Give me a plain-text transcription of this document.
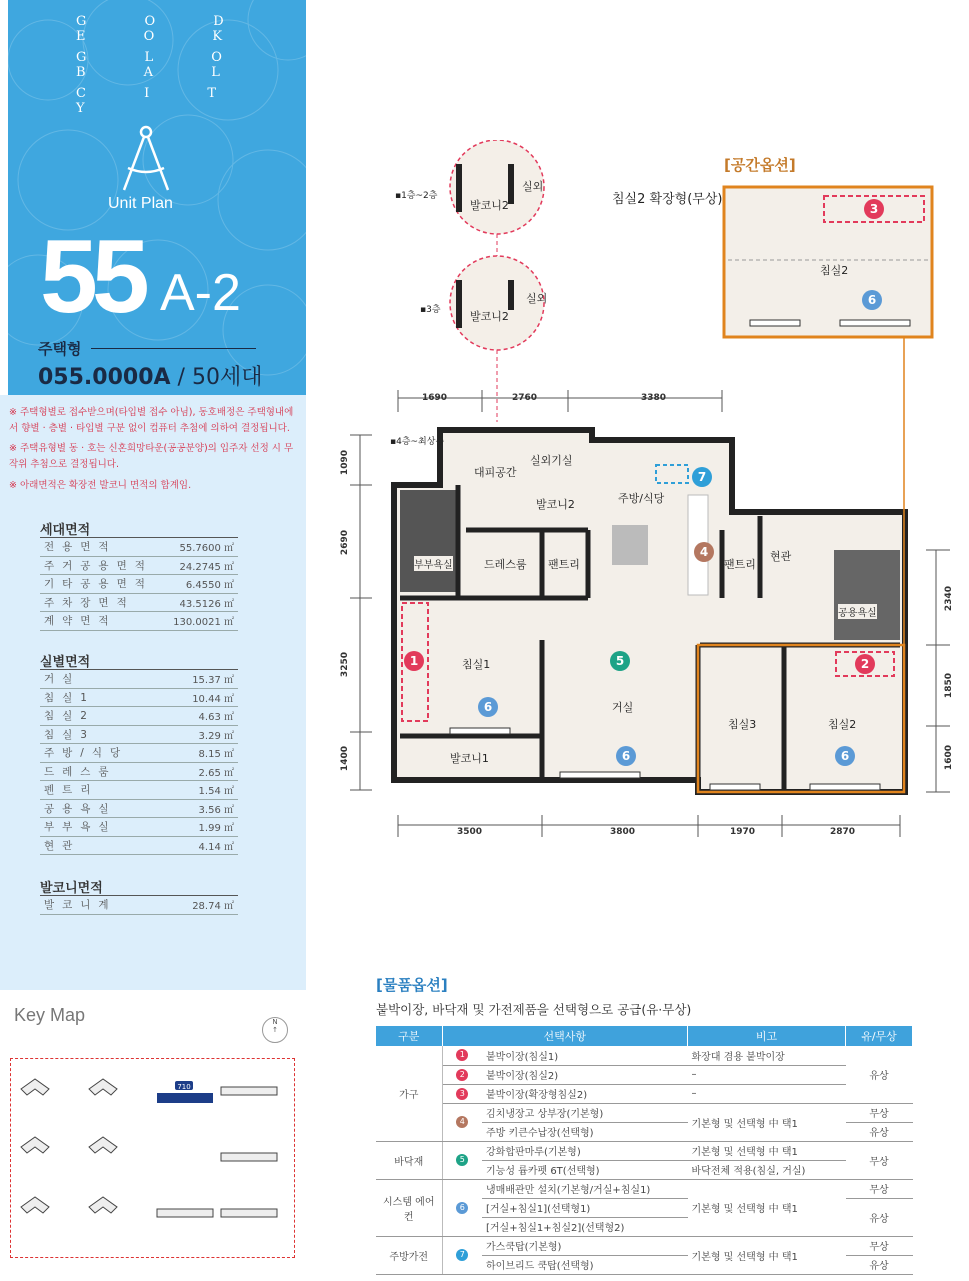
G O D E O K
G L O B A L
C I T Y
Unit Plan
55 A-2
주택형
055.0000A / 50세대
※ 주택형별로 접수받으며(타입별 접수 아님), 동호배정은 주택형내에서 향별 · 층별 · 타입별 구분 없이 컴퓨터 추첨에 의하여 결정됩니다.
※ 주택유형별 동 · 호는 신혼희망타운(공공분양)의 입주자 선정 시 무작위 추첨으로 결정됩니다.
※ 아래면적은 확장전 발코니 면적의 합계임.
세대면적
전용면적	55.7600 ㎡
주거공용면적	24.2745 ㎡
기타공용면적	6.4550 ㎡
주차장면적	43.5126 ㎡
계약면적	130.0021 ㎡
실별면적
거실	15.37 ㎡
침실1	10.44 ㎡
침실2	4.63 ㎡
침실3	3.29 ㎡
주방/식당	8.15 ㎡
드레스룸	2.65 ㎡
펜트리	1.54 ㎡
공용욕실	3.56 ㎡
부부욕실	1.99 ㎡
현관	4.14 ㎡
발코니면적
발코니계	28.74 ㎡
Key Map	N
↑
710
▪1층~2층
▪3층
▪4층~최상층
발코니2
실외
발코니2
실외
대피공간
실외기실
발코니2	주방/식당
부부욕실	드레스룸 팬트리	팬트리
현관
공용욕실
침실1
거실
침실3	침실2
발코니1
침실2
1	2
3
4
5
6
6	6
6
7
1690	2760	3380
3500	3800	1970	2870
1090
2690
3250
1400
2340
1850
1600
[공간옵션]
침실2 확장형(무상)
[물품옵션]
붙박이장, 바닥재 및 가전제품을 선택형으로 공급(유·무상)
구분	선택사항		비고	유/무상
가구	1	붙박이장(침실1)	화장대 겸용 붙박이장	유상
	2	붙박이장(침실2)	–	
	3	붙박이장(확장형침실2)	–	
	4	김치냉장고 상부장(기본형)	기본형 및 선택형 中 택1	무상
		주방 키큰수납장(선택형)		유상
바닥재	5	강화합판마루(기본형)	기본형 및 선택형 中 택1	무상
		기능성 륨카펫 6T(선택형)	바닥전체 적용(침실, 거실)	
시스템 에어컨	6	냉매배관만 설치(기본형/거실+침실1)	기본형 및 선택형 中 택1	무상
		[거실+침실1](선택형1)		유상
		[거실+침실1+침실2](선택형2)		
주방가전	7	가스쿡탑(기본형)	기본형 및 선택형 中 택1	무상
		하이브리드 쿡탑(선택형)		유상
